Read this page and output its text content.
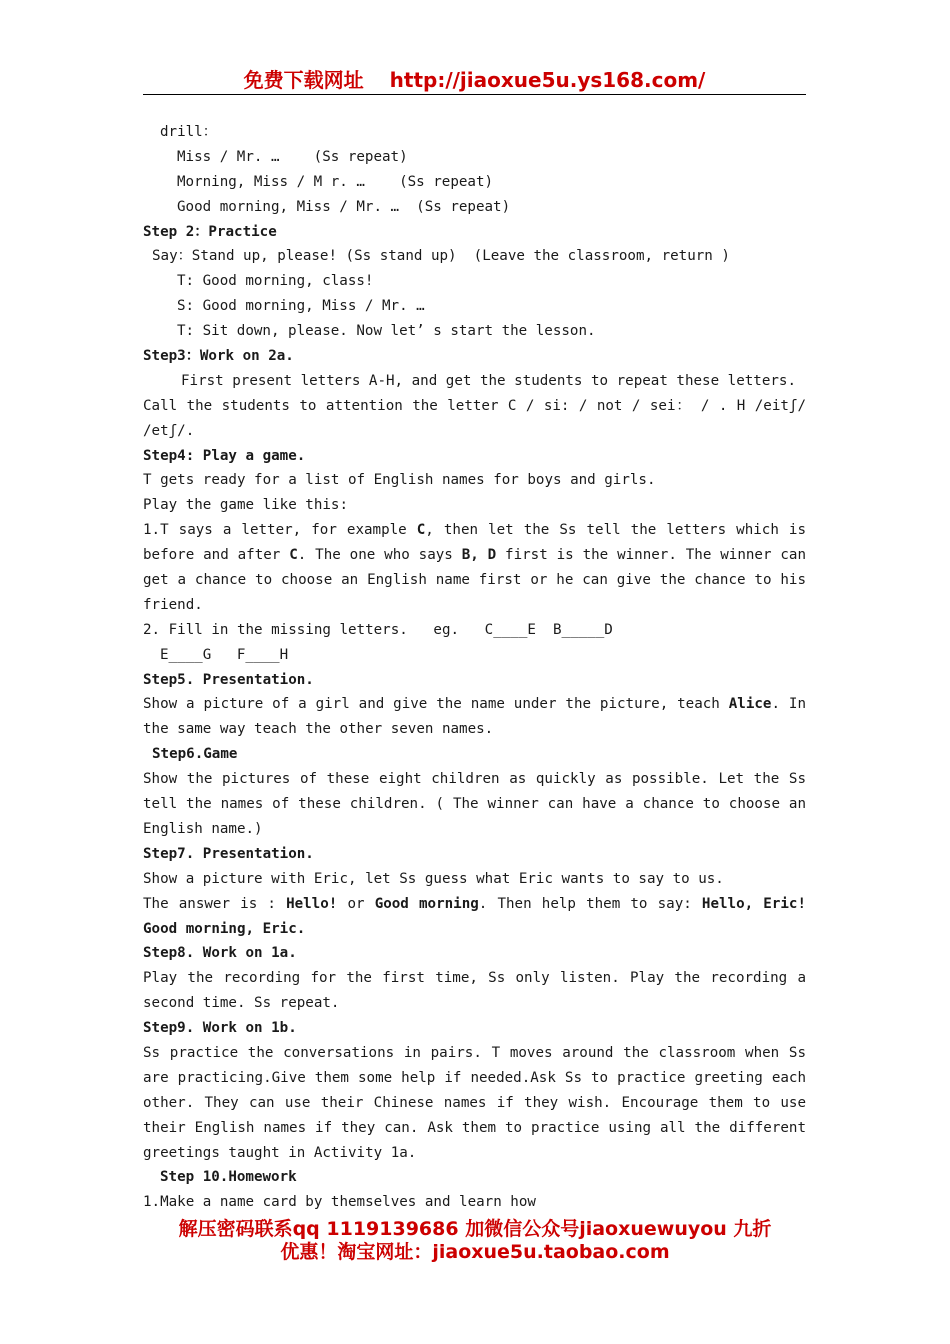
免费下载网址 http://jiaoxue5u.ys168.com/
drill：
Miss / Mr. …    (Ss repeat)
Morning, Miss / M r. …    (Ss repeat)
Good morning, Miss / Mr. …  (Ss repeat)
Step 2：Practice
Say：Stand up, please! (Ss stand up)  (Leave the classroom, return )
T: Good morning, class!
S: Good morning, Miss / Mr. …
T: Sit down, please. Now let’ s start the lesson.
Step3：Work on 2a.
First present letters A-H, and get the students to repeat these letters.
Call the students to attention the letter C / si: / not / sei： / . H /eitʃ/
/etʃ/.
Step4: Play a game.
T gets ready for a list of English names for boys and girls.
Play the game like this:
1.T says a letter, for example C, then let the Ss tell the letters which is
before and after C. The one who says B, D first is the winner. The winner can
get a chance to choose an English name first or he can give the chance to his
friend.
2. Fill in the missing letters.   eg.   C____E  B_____D
E____G   F____H
Step5. Presentation.
Show a picture of a girl and give the name under the picture, teach Alice. In
the same way teach the other seven names.
Step6.Game
Show the pictures of these eight children as quickly as possible. Let the Ss
tell the names of these children. ( The winner can have a chance to choose an
English name.)
Step7. Presentation.
Show a picture with Eric, let Ss guess what Eric wants to say to us.
The answer is : Hello! or Good morning. Then help them to say: Hello, Eric!
Good morning, Eric.
Step8. Work on 1a.
Play the recording for the first time, Ss only listen. Play the recording a
second time. Ss repeat.
Step9. Work on 1b.
Ss practice the conversations in pairs. T moves around the classroom when Ss
are practicing.Give them some help if needed.Ask Ss to practice greeting each
other. They can use their Chinese names if they wish. Encourage them to use
their English names if they can. Ask them to practice using all the different
greetings taught in Activity 1a.
Step 10.Homework
1.Make a name card by themselves and learn how
解压密码联系qq 1119139686 加微信公众号jiaoxuewuyou 九折
优惠！淘宝网址：jiaoxue5u.taobao.com
